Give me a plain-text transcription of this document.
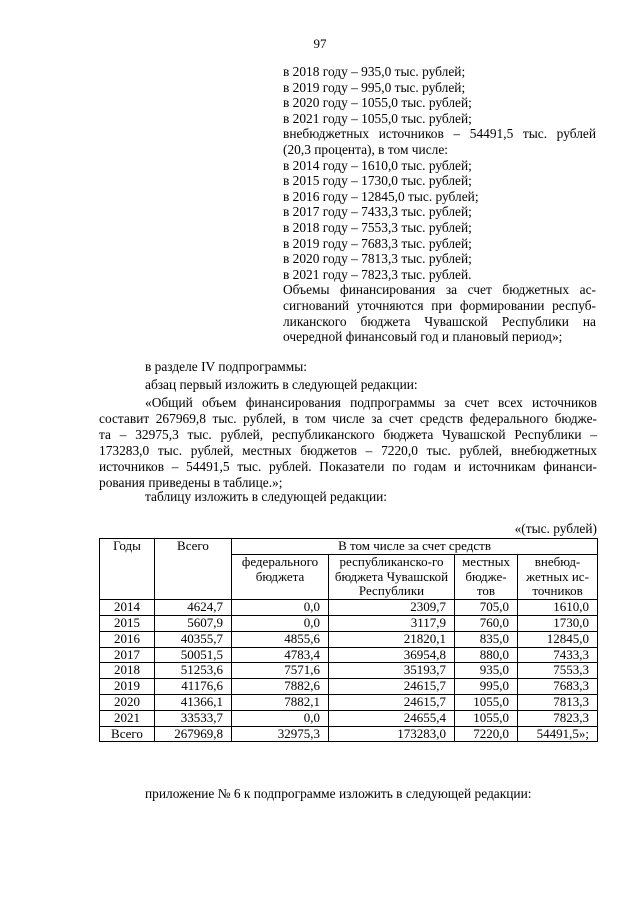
97
в 2018 году – 935,0 тыс. рублей;
в 2019 году – 995,0 тыс. рублей;
в 2020 году – 1055,0 тыс. рублей;
в 2021 году – 1055,0 тыс. рублей;
внебюджетных источников – 54491,5 тыс. рублей
(20,3 процента), в том числе:
в 2014 году – 1610,0 тыс. рублей;
в 2015 году – 1730,0 тыс. рублей;
в 2016 году – 12845,0 тыс. рублей;
в 2017 году – 7433,3 тыс. рублей;
в 2018 году – 7553,3 тыс. рублей;
в 2019 году – 7683,3 тыс. рублей;
в 2020 году – 7813,3 тыс. рублей;
в 2021 году – 7823,3 тыс. рублей.
Объемы финансирования за счет бюджетных ас-
сигнований уточняются при формировании респуб-
ликанского бюджета Чувашской Республики на
очередной финансовый год и плановый период»;
в разделе IV подпрограммы:
абзац первый изложить в следующей редакции:
«Общий объем финансирования подпрограммы за счет всех источников
составит 267969,8 тыс. рублей, в том числе за счет средств федерального бюдже-
та – 32975,3 тыс. рублей, республиканского бюджета Чувашской Республики –
173283,0 тыс. рублей, местных бюджетов – 7220,0 тыс. рублей, внебюджетных
источников – 54491,5 тыс. рублей. Показатели по годам и источникам финанси-
рования приведены в таблице.»;
таблицу изложить в следующей редакции:
«(тыс. рублей)
Годы	Всего	В том числе за счет средств			
		федерального бюджета	республиканско-го бюджета Чувашской Республики	местных бюдже-тов	внебюд-жетных ис-точников
2014	4624,7	0,0	2309,7	705,0	1610,0
2015	5607,9	0,0	3117,9	760,0	1730,0
2016	40355,7	4855,6	21820,1	835,0	12845,0
2017	50051,5	4783,4	36954,8	880,0	7433,3
2018	51253,6	7571,6	35193,7	935,0	7553,3
2019	41176,6	7882,6	24615,7	995,0	7683,3
2020	41366,1	7882,1	24615,7	1055,0	7813,3
2021	33533,7	0,0	24655,4	1055,0	7823,3
Всего	267969,8	32975,3	173283,0	7220,0	54491,5»;
приложение № 6 к подпрограмме изложить в следующей редакции:
